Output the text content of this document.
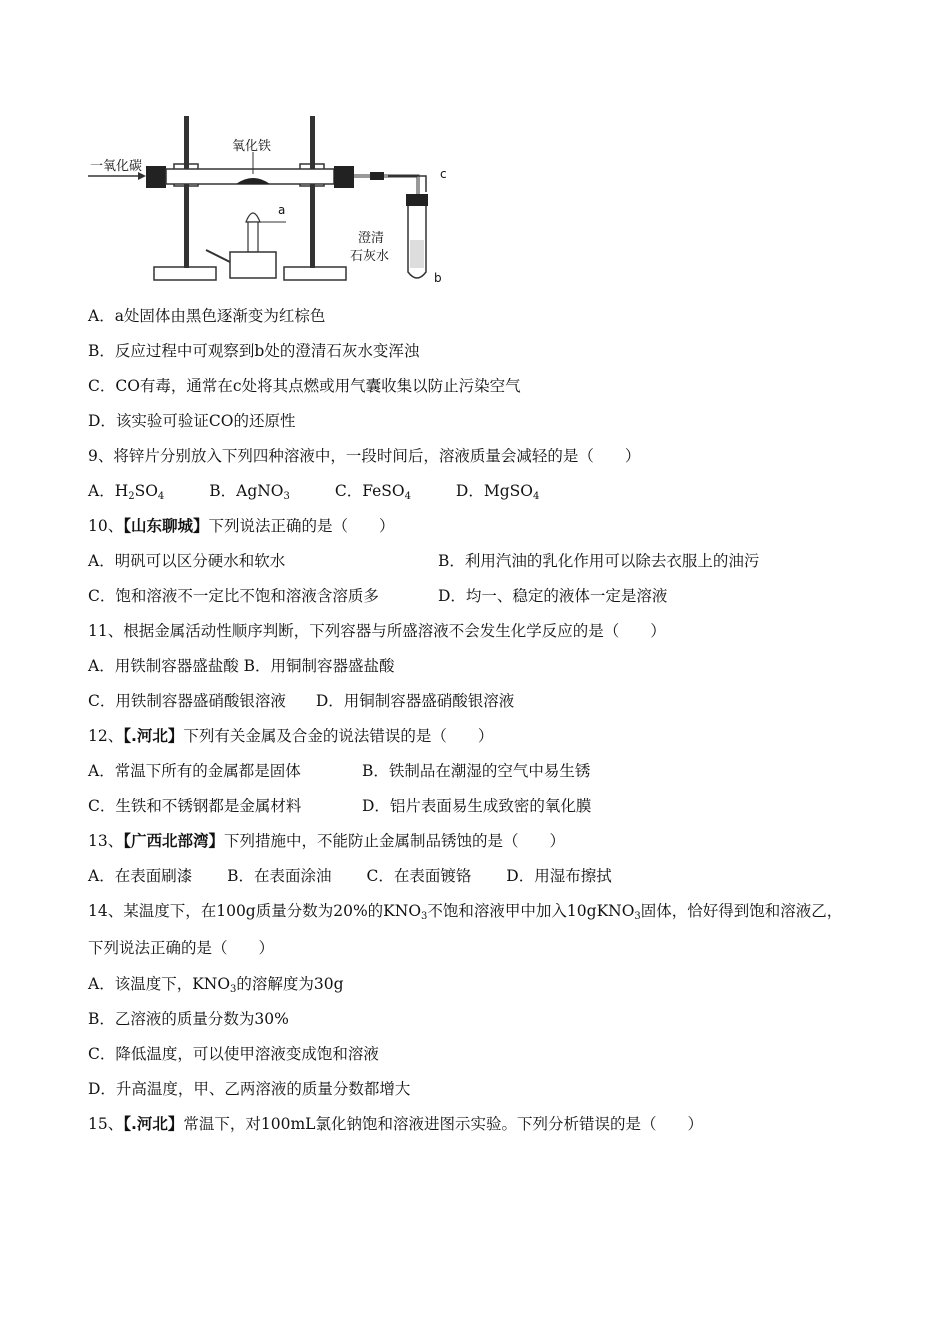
一氧化碳
氧化铁
c
a
澄清
石灰水
b
A．a处固体由黑色逐渐变为红棕色
B．反应过程中可观察到b处的澄清石灰水变浑浊
C．CO有毒，通常在c处将其点燃或用气囊收集以防止污染空气
D．该实验可验证CO的还原性
9、将锌片分别放入下列四种溶液中，一段时间后，溶液质量会减轻的是（　　）
A．$H_2SO_4$	B．AgNO$_3$	C．FeSO$_4$	D．MgSO$_4$
10、【山东聊城】下列说法正确的是（　　）
A．明矾可以区分硬水和软水	B．利用汽油的乳化作用可以除去衣服上的油污
C．饱和溶液不一定比不饱和溶液含溶质多	D．均一、稳定的液体一定是溶液
11、根据金属活动性顺序判断，下列容器与所盛溶液不会发生化学反应的是（　　）
A．用铁制容器盛盐酸 B．用铜制容器盛盐酸
C．用铁制容器盛硝酸银溶液 D．用铜制容器盛硝酸银溶液
12、【.河北】下列有关金属及合金的说法错误的是（　　）
A．常温下所有的金属都是固体	B．铁制品在潮湿的空气中易生锈
C．生铁和不锈钢都是金属材料	D．铝片表面易生成致密的氧化膜
13、【广西北部湾】下列措施中，不能防止金属制品锈蚀的是（　　）
A．在表面刷漆 B．在表面涂油 C．在表面镀铬 D．用湿布擦拭
14、某温度下，在100g质量分数为20%的$KNO_3$不饱和溶液甲中加入10gKNO$_3$固体，恰好得到饱和溶液乙，
下列说法正确的是（　　）
A．该温度下，$KNO_3$的溶解度为30g
B．乙溶液的质量分数为30%
C．降低温度，可以使甲溶液变成饱和溶液
D．升高温度，甲、乙两溶液的质量分数都增大
15、【.河北】常温下，对100mL氯化钠饱和溶液进图示实验。下列分析错误的是（　　）
